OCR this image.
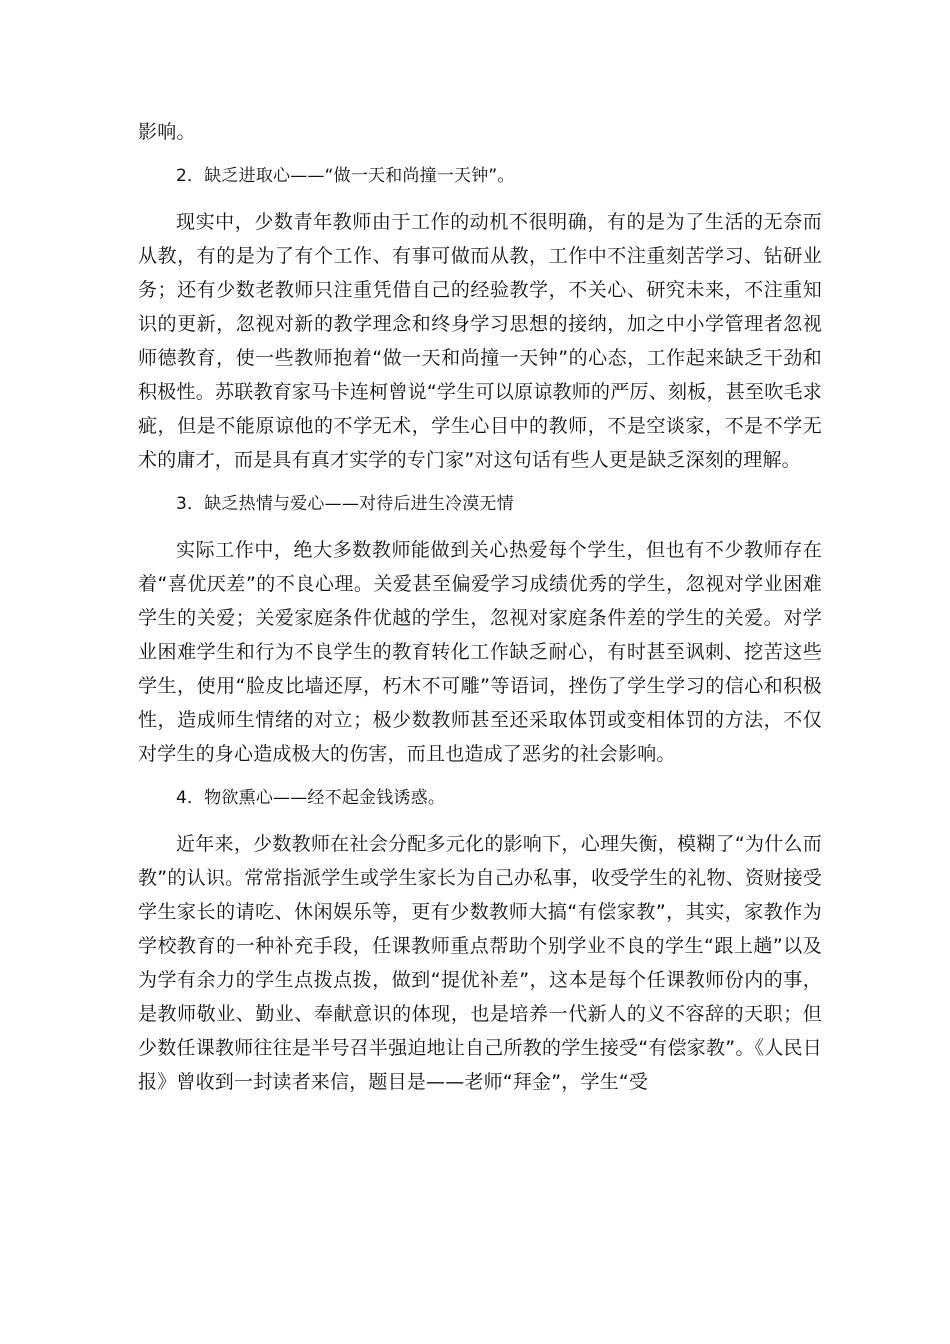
影响。

2．缺乏进取心——“做一天和尚撞一天钟”。

现实中，少数青年教师由于工作的动机不很明确，有的是为了生活的无奈而从教，有的是为了有个工作、有事可做而从教，工作中不注重刻苦学习、钻研业务；还有少数老教师只注重凭借自己的经验教学，不关心、研究未来，不注重知识的更新，忽视对新的教学理念和终身学习思想的接纳，加之中小学管理者忽视师德教育，使一些教师抱着“做一天和尚撞一天钟”的心态，工作起来缺乏干劲和积极性。苏联教育家马卡连柯曾说“学生可以原谅教师的严厉、刻板，甚至吹毛求疵，但是不能原谅他的不学无术，学生心目中的教师，不是空谈家，不是不学无术的庸才，而是具有真才实学的专门家”对这句话有些人更是缺乏深刻的理解。

3．缺乏热情与爱心——对待后进生冷漠无情

实际工作中，绝大多数教师能做到关心热爱每个学生，但也有不少教师存在着“喜优厌差”的不良心理。关爱甚至偏爱学习成绩优秀的学生，忽视对学业困难学生的关爱；关爱家庭条件优越的学生，忽视对家庭条件差的学生的关爱。对学业困难学生和行为不良学生的教育转化工作缺乏耐心，有时甚至讽刺、挖苦这些学生，使用“脸皮比墙还厚，朽木不可雕”等语词，挫伤了学生学习的信心和积极性，造成师生情绪的对立；极少数教师甚至还采取体罚或变相体罚的方法，不仅对学生的身心造成极大的伤害，而且也造成了恶劣的社会影响。

4．物欲熏心——经不起金钱诱惑。

近年来，少数教师在社会分配多元化的影响下，心理失衡，模糊了“为什么而教”的认识。常常指派学生或学生家长为自己办私事，收受学生的礼物、资财接受学生家长的请吃、休闲娱乐等，更有少数教师大搞“有偿家教”，其实，家教作为学校教育的一种补充手段，任课教师重点帮助个别学业不良的学生“跟上趟”以及为学有余力的学生点拨点拨，做到“提优补差”，这本是每个任课教师份内的事，是教师敬业、勤业、奉献意识的体现，也是培养一代新人的义不容辞的天职；但少数任课教师往往是半号召半强迫地让自己所教的学生接受“有偿家教”。《人民日报》曾收到一封读者来信，题目是——老师“拜金”，学生“受
